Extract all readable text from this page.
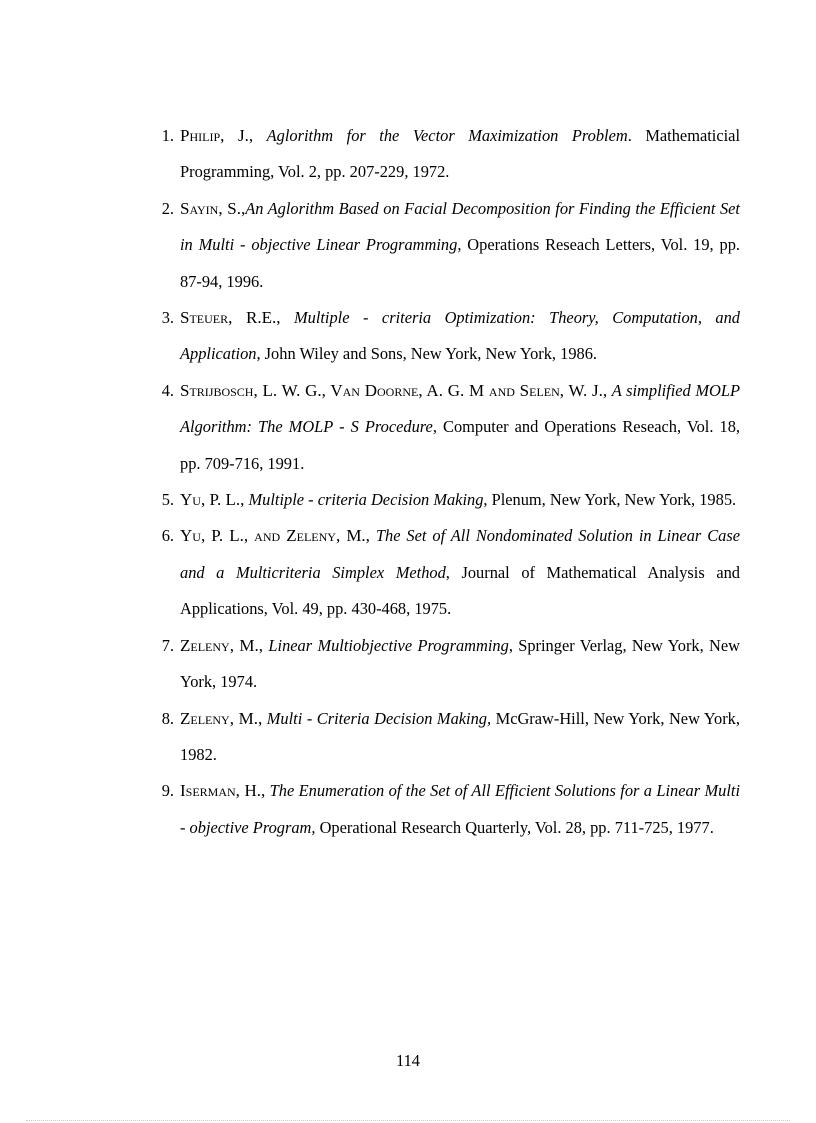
1. Philip, J., Aglorithm for the Vector Maximization Problem. Mathematicial Programming, Vol. 2, pp. 207-229, 1972.
2. Sayin, S.,An Aglorithm Based on Facial Decomposition for Finding the Efficient Set in Multi - objective Linear Programming, Operations Reseach Letters, Vol. 19, pp. 87-94, 1996.
3. Steuer, R.E., Multiple - criteria Optimization: Theory, Computation, and Application, John Wiley and Sons, New York, New York, 1986.
4. Strijbosch, L. W. G., Van Doorne, A. G. M and Selen, W. J., A simplified MOLP Algorithm: The MOLP - S Procedure, Computer and Operations Reseach, Vol. 18, pp. 709-716, 1991.
5. Yu, P. L., Multiple - criteria Decision Making, Plenum, New York, New York, 1985.
6. Yu, P. L., and Zeleny, M., The Set of All Nondominated Solution in Linear Case and a Multicriteria Simplex Method, Journal of Mathematical Analysis and Applications, Vol. 49, pp. 430-468, 1975.
7. Zeleny, M., Linear Multiobjective Programming, Springer Verlag, New York, New York, 1974.
8. Zeleny, M., Multi - Criteria Decision Making, McGraw-Hill, New York, New York, 1982.
9. Iserman, H., The Enumeration of the Set of All Efficient Solutions for a Linear Multi - objective Program, Operational Research Quarterly, Vol. 28, pp. 711-725, 1977.
114
